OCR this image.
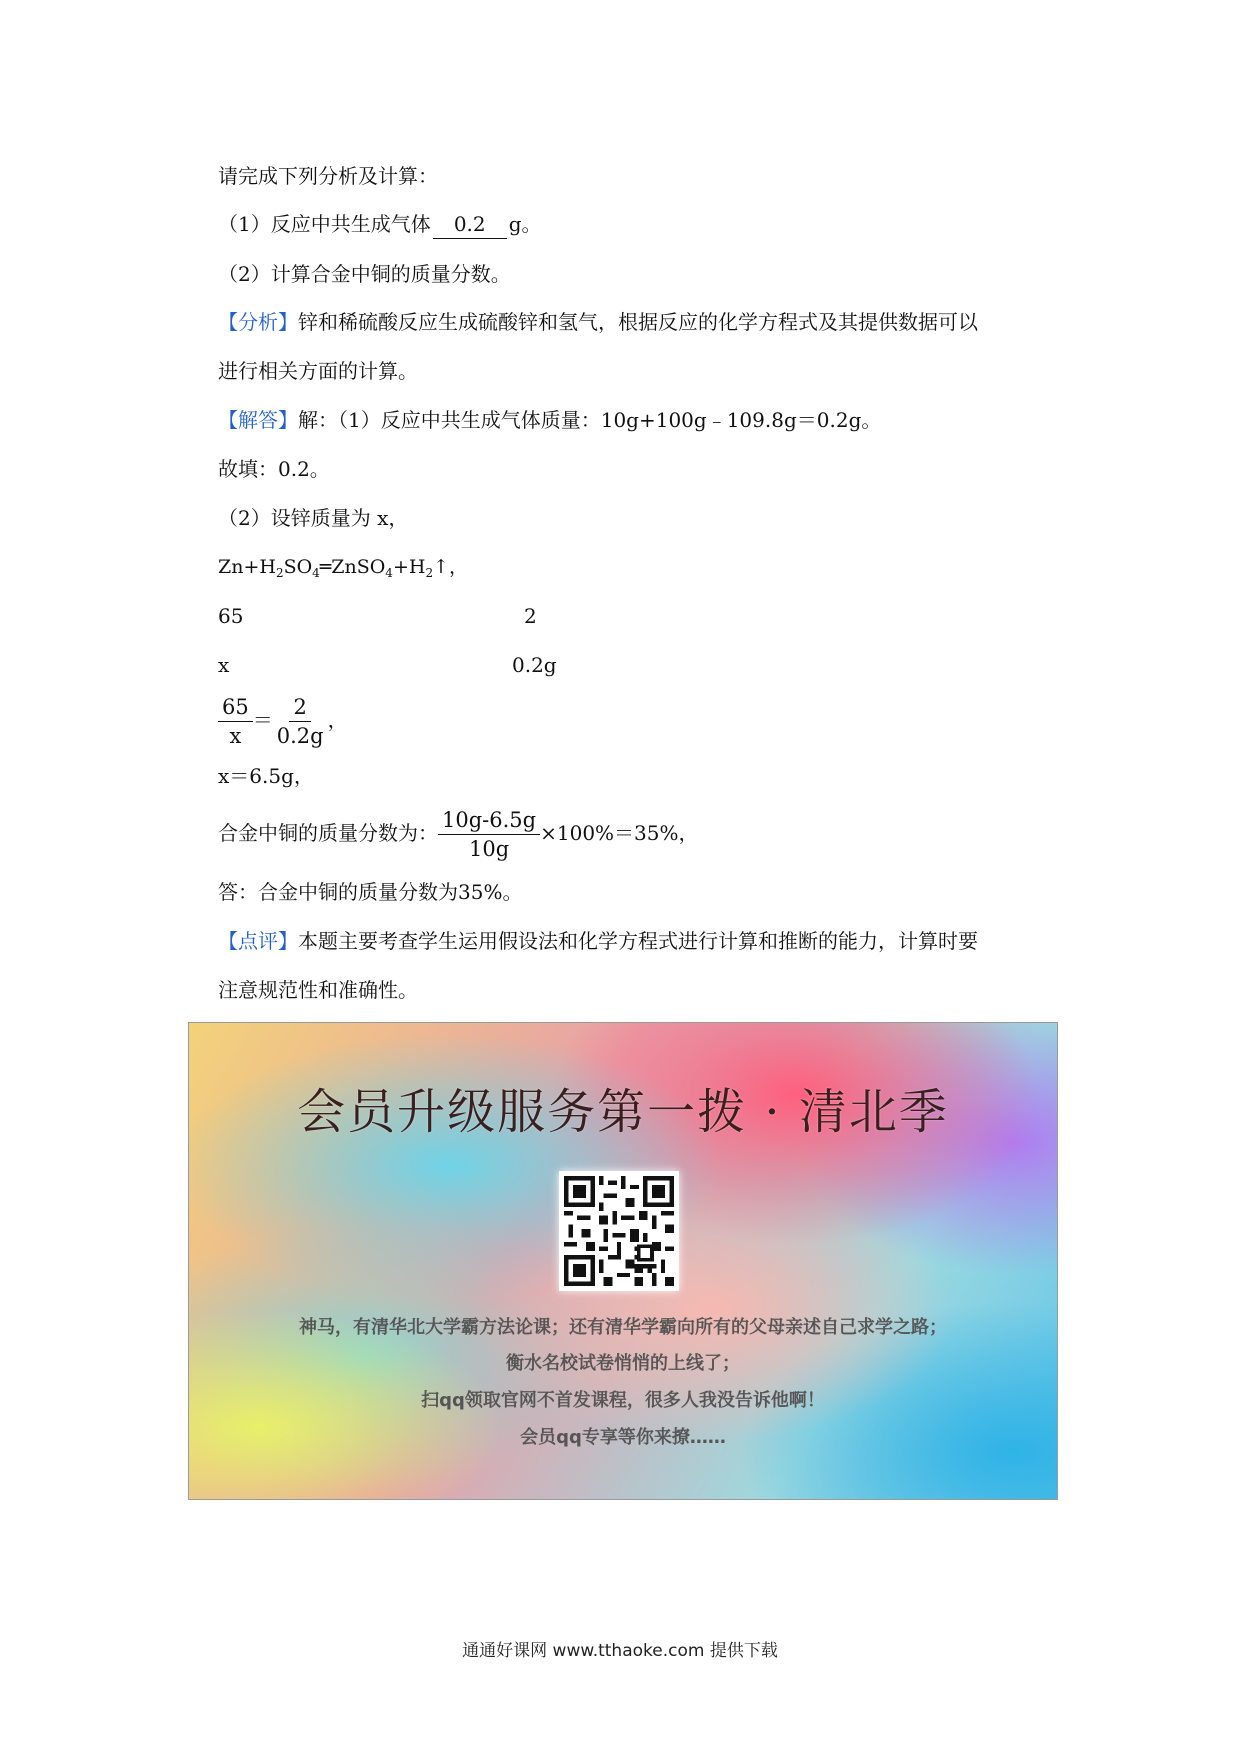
请完成下列分析及计算：
（1）反应中共生成气体 0.2 g。
（2）计算合金中铜的质量分数。
【分析】锌和稀硫酸反应生成硫酸锌和氢气，根据反应的化学方程式及其提供数据可以
进行相关方面的计算。
【解答】解：（1）反应中共生成气体质量：10g+100g﹣109.8g＝0.2g。
故填：0.2。
（2）设锌质量为 x，
$Zn+H_2SO_4═ZnSO_4+H_2↑$，
65	2
x	0.2g
$\frac{65}{x} = \frac{2}{0.2g}$ ，
x＝6.5g，
合金中铜的质量分数为： $\frac{10g-6.5g}{10g} \times 100\%=35\%$，
答：合金中铜的质量分数为35%。
【点评】本题主要考查学生运用假设法和化学方程式进行计算和推断的能力，计算时要
注意规范性和准确性。
会员升级服务第一拨 · 清北季
神马，有清华北大学霸方法论课；还有清华学霸向所有的父母亲述自己求学之路；
衡水名校试卷悄悄的上线了；
扫qq领取官网不首发课程，很多人我没告诉他啊！
会员qq专享等你来撩……
通通好课网 www.tthaoke.com 提供下载
